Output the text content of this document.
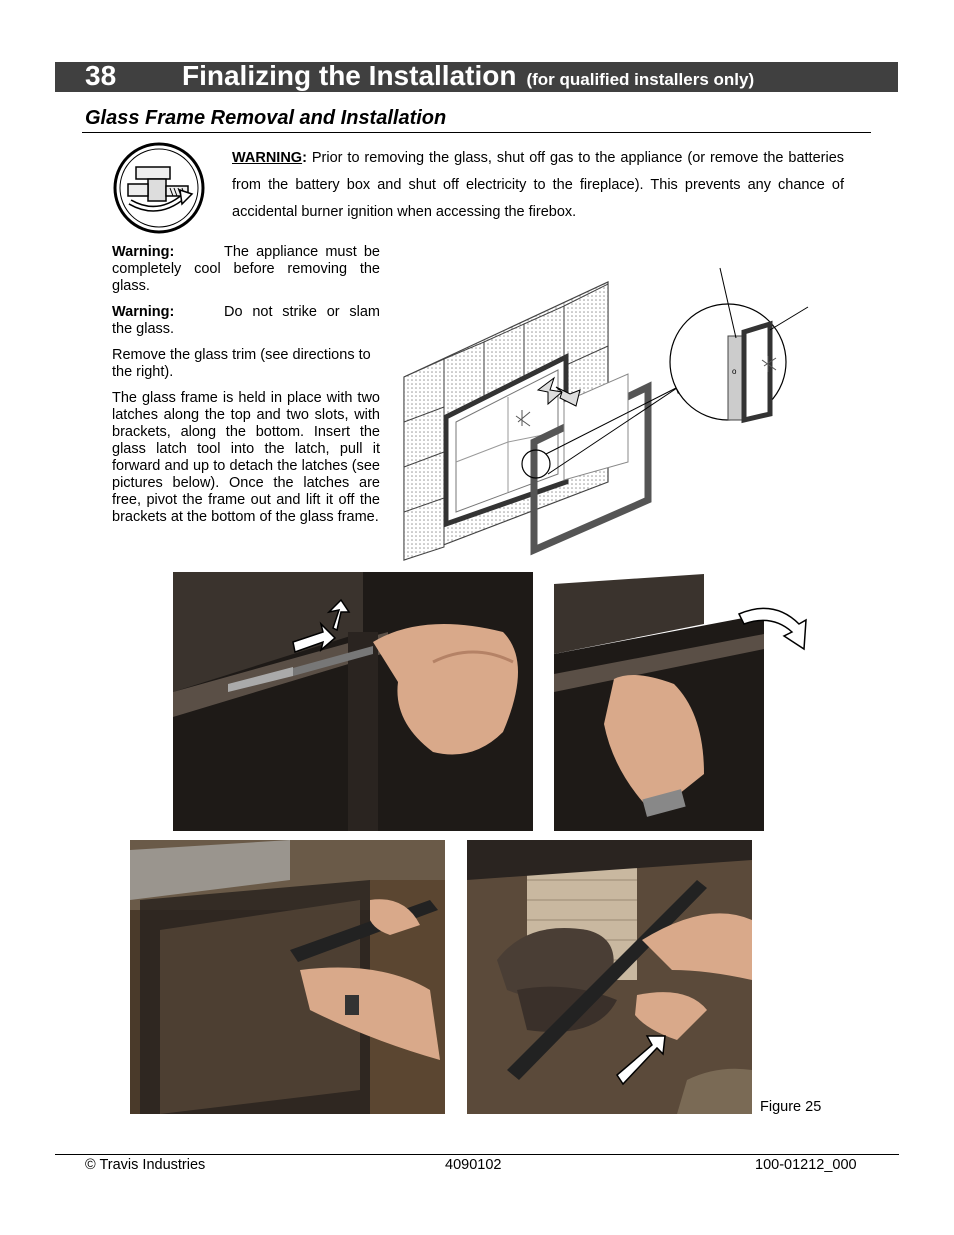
38 Finalizing the Installation (for qualified installers only)
Glass Frame Removal and Installation
WARNING: Prior to removing the glass, shut off gas to the appliance (or remove the batteries from the battery box and shut off electricity to the fireplace). This prevents any chance of accidental burner ignition when accessing the firebox.

Warning:	The appliance must be completely cool before removing the glass.

Warning:	Do not strike or slam the glass.

Remove the glass trim (see directions to the right).

The glass frame is held in place with two latches along the top and two slots, with brackets, along the bottom. Insert the glass latch tool into the latch, pull it forward and up to detach the latches (see pictures below). Once the latches are free, pivot the frame out and lift it off the brackets at the bottom of the glass frame.

o
Figure 25
© Travis Industries	4090102	100-01212_000
